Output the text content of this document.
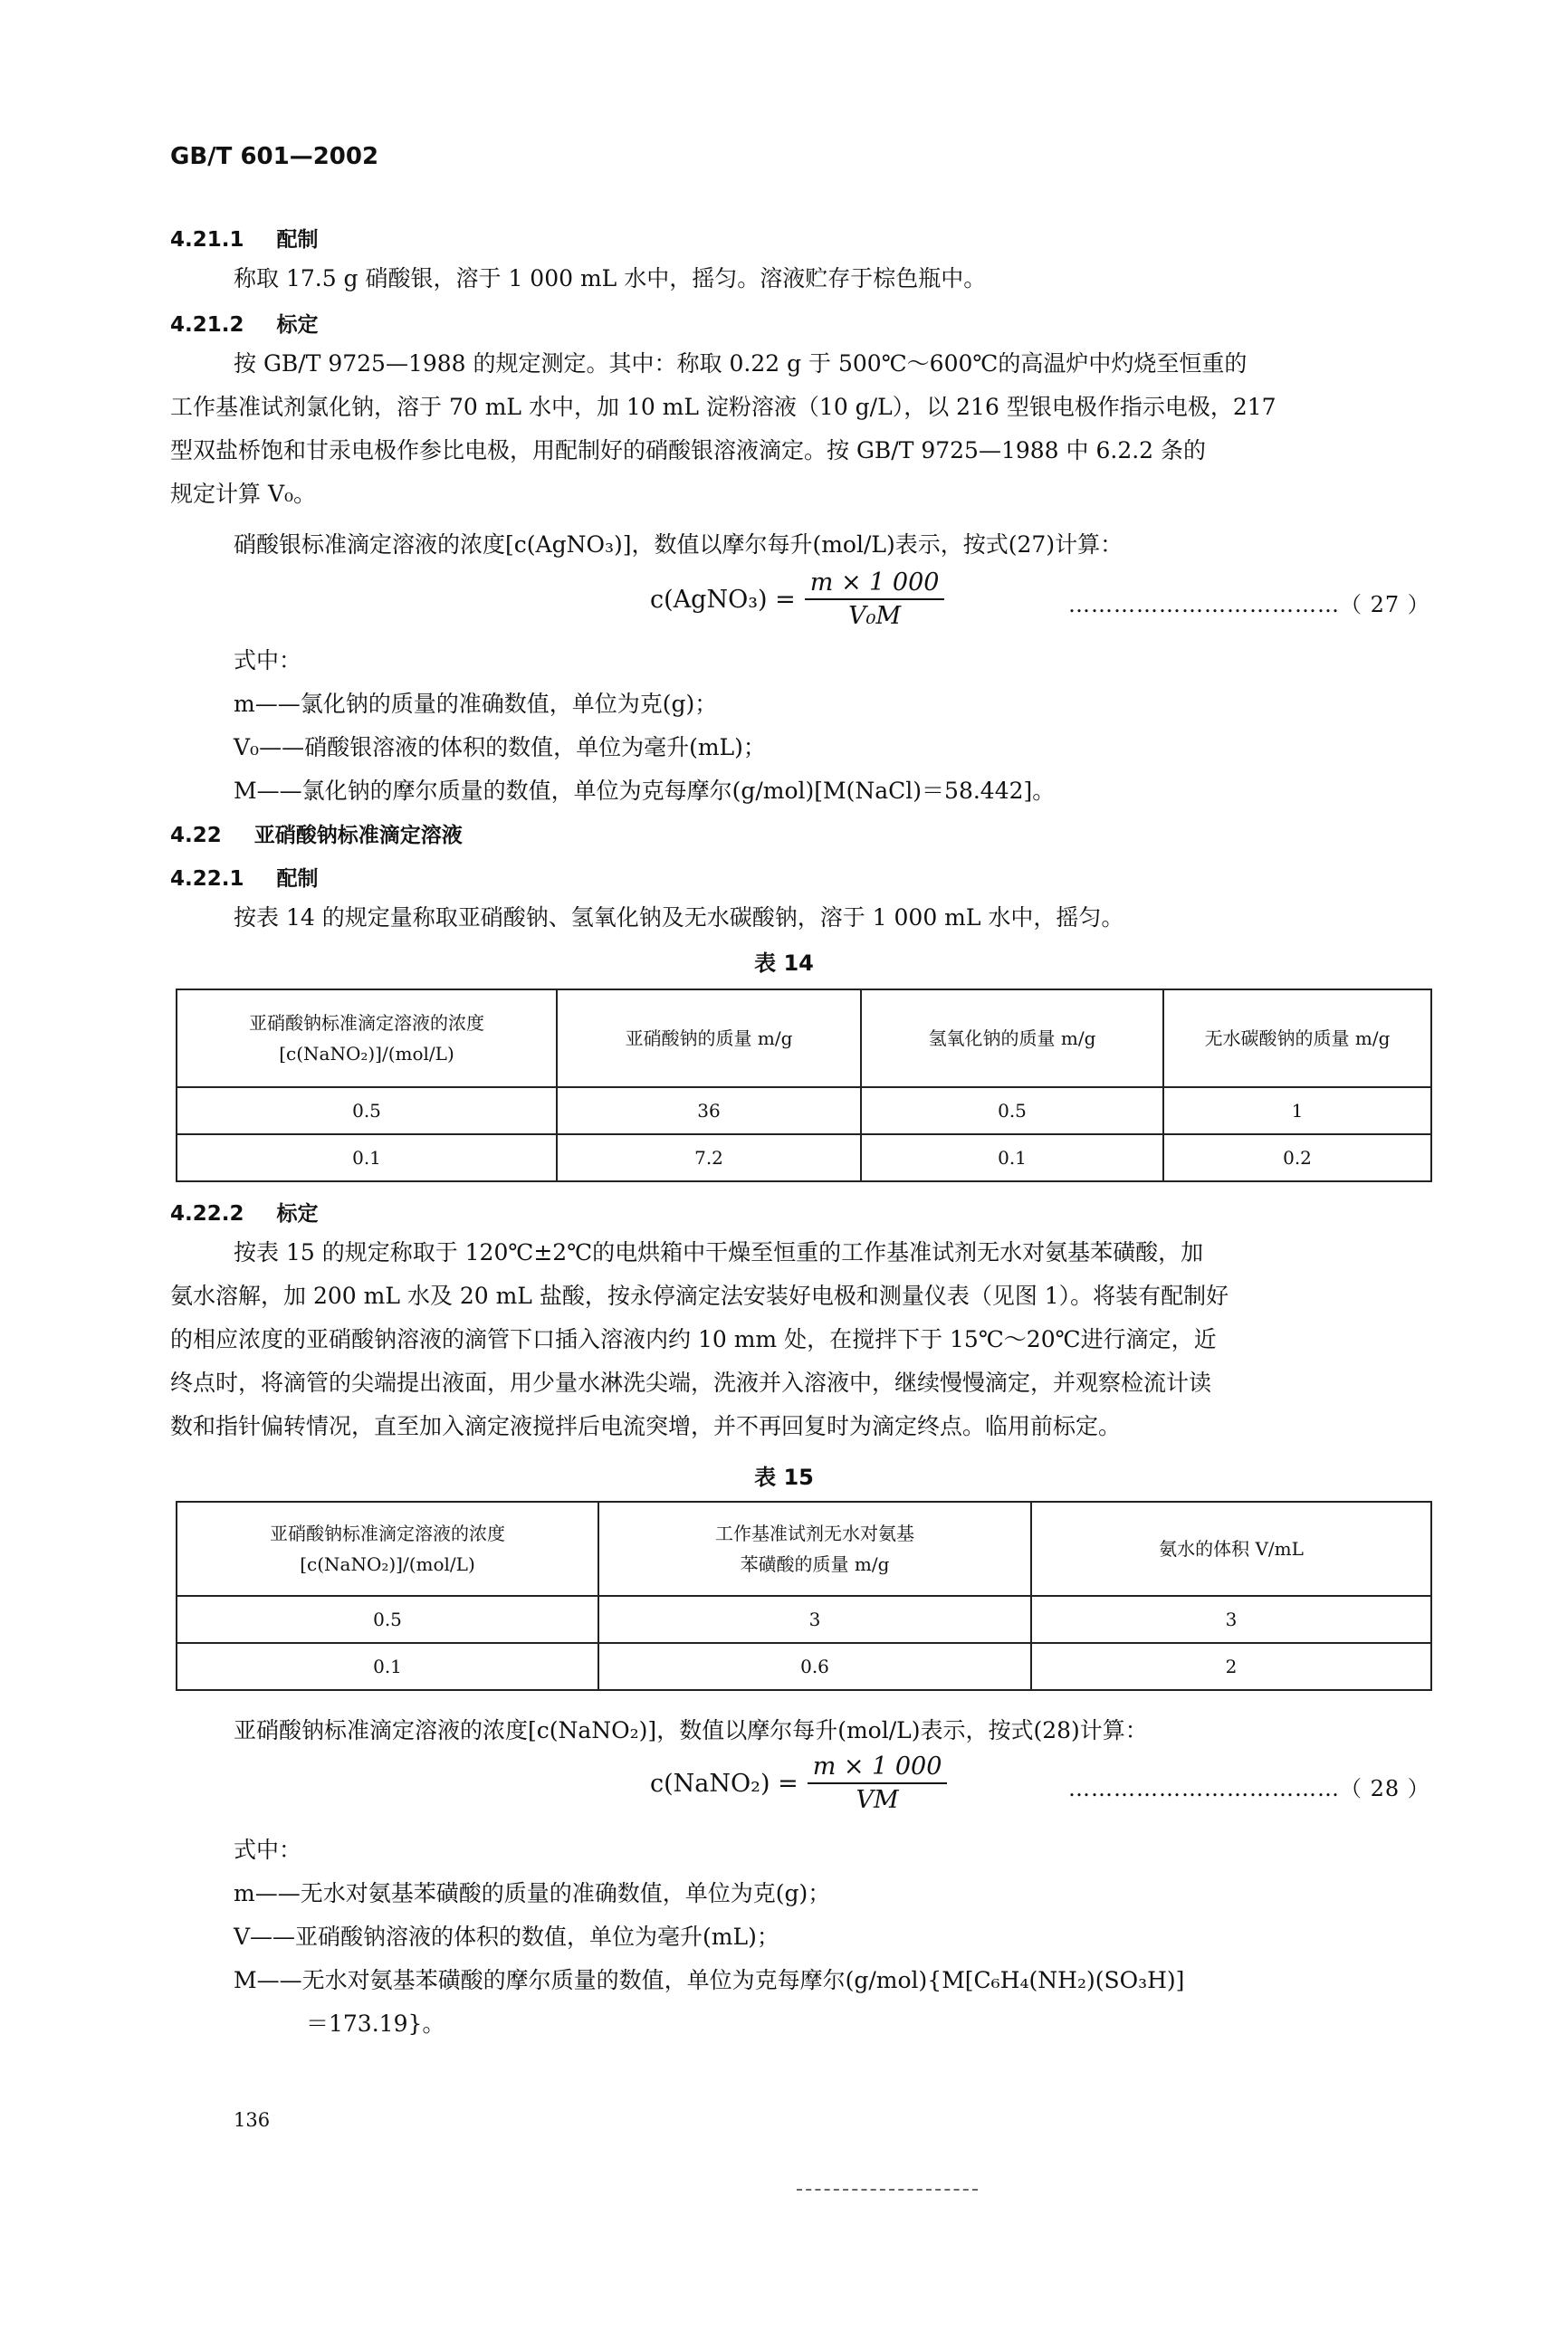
GB/T 601—2002
4.21.1 配制
称取 17.5 g 硝酸银，溶于 1 000 mL 水中，摇匀。溶液贮存于棕色瓶中。
4.21.2 标定
按 GB/T 9725—1988 的规定测定。其中：称取 0.22 g 于 500℃～600℃的高温炉中灼烧至恒重的
工作基准试剂氯化钠，溶于 70 mL 水中，加 10 mL 淀粉溶液（10 g/L），以 216 型银电极作指示电极，217
型双盐桥饱和甘汞电极作参比电极，用配制好的硝酸银溶液滴定。按 GB/T 9725—1988 中 6.2.2 条的
规定计算 V₀。
硝酸银标准滴定溶液的浓度[c(AgNO₃)]，数值以摩尔每升(mol/L)表示，按式(27)计算：
c(AgNO₃) = $\frac{m \times 1 000}{\text{V₀M}}$	………………………………（ 27 ）
式中：
m——氯化钠的质量的准确数值，单位为克(g)；
V₀——硝酸银溶液的体积的数值，单位为毫升(mL)；
M——氯化钠的摩尔质量的数值，单位为克每摩尔(g/mol)[M(NaCl)＝58.442]。
4.22 亚硝酸钠标准滴定溶液
4.22.1 配制
按表 14 的规定量称取亚硝酸钠、氢氧化钠及无水碳酸钠，溶于 1 000 mL 水中，摇匀。
表 14
亚硝酸钠标准滴定溶液的浓度
[c(NaNO₂)]/(mol/L)	亚硝酸钠的质量 m/g	氢氧化钠的质量 m/g	无水碳酸钠的质量 m/g
0.5	36	0.5	1
0.1	7.2	0.1	0.2
4.22.2 标定
按表 15 的规定称取于 120℃±2℃的电烘箱中干燥至恒重的工作基准试剂无水对氨基苯磺酸，加
氨水溶解，加 200 mL 水及 20 mL 盐酸，按永停滴定法安装好电极和测量仪表（见图 1）。将装有配制好
的相应浓度的亚硝酸钠溶液的滴管下口插入溶液内约 10 mm 处，在搅拌下于 15℃～20℃进行滴定，近
终点时，将滴管的尖端提出液面，用少量水淋洗尖端，洗液并入溶液中，继续慢慢滴定，并观察检流计读
数和指针偏转情况，直至加入滴定液搅拌后电流突增，并不再回复时为滴定终点。临用前标定。
表 15
亚硝酸钠标准滴定溶液的浓度
[c(NaNO₂)]/(mol/L)	工作基准试剂无水对氨基
苯磺酸的质量 m/g	氨水的体积 V/mL
0.5	3	3
0.1	0.6	2
亚硝酸钠标准滴定溶液的浓度[c(NaNO₂)]，数值以摩尔每升(mol/L)表示，按式(28)计算：
c(NaNO₂) = $\frac{m \times 1 000}{VM}$	………………………………（ 28 ）
式中：
m——无水对氨基苯磺酸的质量的准确数值，单位为克(g)；
V——亚硝酸钠溶液的体积的数值，单位为毫升(mL)；
M——无水对氨基苯磺酸的摩尔质量的数值，单位为克每摩尔(g/mol){M[C₆H₄(NH₂)(SO₃H)]
＝173.19}。
136
